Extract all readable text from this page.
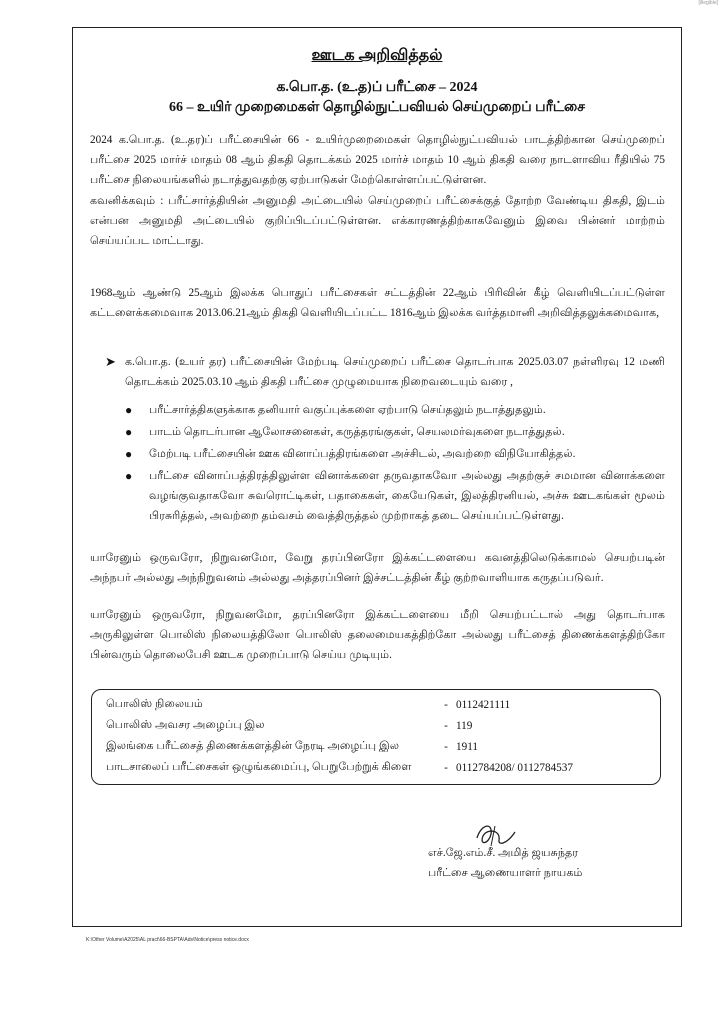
[illegible]
ஊடக அறிவித்தல்
க.பொ.த. (உ.த)ப் பரீட்சை – 2024
66 – உயிர் முறைமைகள் தொழில்நுட்பவியல் செய்முறைப் பரீட்சை
2024 க.பொ.த. (உ.தர)ப் பரீட்சையின் 66 - உயிர்முறைமைகள் தொழில்நுட்பவியல் பாடத்திற்கான செய்முறைப் பரீட்சை 2025 மார்ச் மாதம் 08 ஆம் திகதி தொடக்கம் 2025 மார்ச் மாதம் 10 ஆம் திகதி வரை நாடளாவிய ரீதியில் 75 பரீட்சை நிலையங்களில் நடாத்துவதற்கு ஏற்பாடுகள் மேற்கொள்ளப்பட்டுள்ளன.
கவனிக்கவும் : பரீட்சார்த்தியின் அனுமதி அட்டையில் செய்முறைப் பரீட்சைக்குத் தோற்ற வேண்டிய திகதி, இடம் என்பன அனுமதி அட்டையில் குறிப்பிடப்பட்டுள்ளன. எக்காரணத்திற்காகவேனும் இவை பின்னர் மாற்றம் செய்யப்பட மாட்டாது.
1968ஆம் ஆண்டு 25ஆம் இலக்க பொதுப் பரீட்சைகள் சட்டத்தின் 22ஆம் பிரிவின் கீழ் வெளியிடப்பட்டுள்ள கட்டளைக்கமைவாக 2013.06.21ஆம் திகதி வெளியிடப்பட்ட 1816ஆம் இலக்க வர்த்தமானி அறிவித்தலுக்கமைவாக,
➤ க.பொ.த. (உயர் தர) பரீட்சையின் மேற்படி செய்முறைப் பரீட்சை தொடர்பாக 2025.03.07 நள்ளிரவு 12 மணி தொடக்கம் 2025.03.10 ஆம் திகதி பரீட்சை முழுமையாக நிறைவடையும் வரை ,
● பரீட்சார்த்திகளுக்காக தனியார் வகுப்புக்களை ஏற்பாடு செய்தலும் நடாத்துதலும்.
● பாடம் தொடர்பான ஆலோசனைகள், கருத்தரங்குகள், செயலமர்வுகளை நடாத்துதல்.
● மேற்படி பரீட்சையின் ஊக வினாப்பத்திரங்களை அச்சிடல், அவற்றை விநியோகித்தல்.
● பரீட்சை வினாப்பத்திரத்திலுள்ள வினாக்களை தருவதாகவோ அல்லது அதற்குச் சமமான வினாக்களை வழங்குவதாகவோ சுவரொட்டிகள், பதாகைகள், கையேடுகள், இலத்திரனியல், அச்சு ஊடகங்கள் மூலம் பிரசுரித்தல், அவற்றை தம்வசம் வைத்திருத்தல் முற்றாகத் தடை செய்யப்பட்டுள்ளது.
யாரேனும் ஒருவரோ, நிறுவனமோ, வேறு தரப்பினரோ இக்கட்டளையை கவனத்திலெடுக்காமல் செயற்படின் அந்நபர் அல்லது அந்நிறுவனம் அல்லது அத்தரப்பினர் இச்சட்டத்தின் கீழ் குற்றவாளியாக கருதப்படுவர்.
யாரேனும் ஒருவரோ, நிறுவனமோ, தரப்பினரோ இக்கட்டளையை மீறி செயற்பட்டால் அது தொடர்பாக அருகிலுள்ள பொலிஸ் நிலையத்திலோ பொலிஸ் தலைமையகத்திற்கோ அல்லது பரீட்சைத் திணைக்களத்திற்கோ பின்வரும் தொலைபேசி ஊடக முறைப்பாடு செய்ய முடியும்.
பொலிஸ் நிலையம்	- 0112421111
பொலிஸ் அவசர அழைப்பு இல	- 119
இலங்கை பரீட்சைத் திணைக்களத்தின் நேரடி அழைப்பு இல	- 1911
பாடசாலைப் பரீட்சைகள் ஒழுங்கமைப்பு, பெறுபேற்றுக் கிளை	- 0112784208/ 0112784537
எச்.ஜே.எம்.சீ. அமித் ஜயசுந்தர
பரீட்சை ஆணையாளர் நாயகம்
K:\Other Volume\A2025\AL pract\66-BSPTA\Ads\Notice\press notice.docx
